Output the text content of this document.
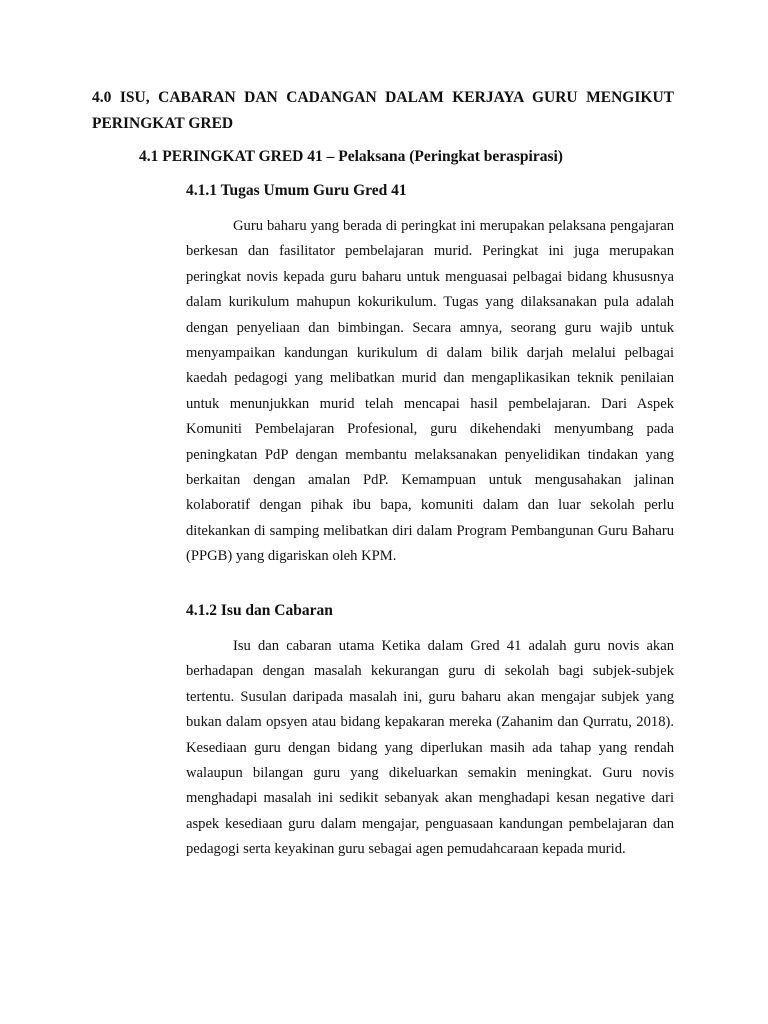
4.0 ISU, CABARAN DAN CADANGAN DALAM KERJAYA GURU MENGIKUT PERINGKAT GRED
4.1 PERINGKAT GRED 41 – Pelaksana (Peringkat beraspirasi)
4.1.1 Tugas Umum Guru Gred 41

Guru baharu yang berada di peringkat ini merupakan pelaksana pengajaran berkesan dan fasilitator pembelajaran murid. Peringkat ini juga merupakan peringkat novis kepada guru baharu untuk menguasai pelbagai bidang khususnya dalam kurikulum mahupun kokurikulum. Tugas yang dilaksanakan pula adalah dengan penyeliaan dan bimbingan. Secara amnya, seorang guru wajib untuk menyampaikan kandungan kurikulum di dalam bilik darjah melalui pelbagai kaedah pedagogi yang melibatkan murid dan mengaplikasikan teknik penilaian untuk menunjukkan murid telah mencapai hasil pembelajaran. Dari Aspek Komuniti Pembelajaran Profesional, guru dikehendaki menyumbang pada peningkatan PdP dengan membantu melaksanakan penyelidikan tindakan yang berkaitan dengan amalan PdP. Kemampuan untuk mengusahakan jalinan kolaboratif dengan pihak ibu bapa, komuniti dalam dan luar sekolah perlu ditekankan di samping melibatkan diri dalam Program Pembangunan Guru Baharu (PPGB) yang digariskan oleh KPM.

4.1.2 Isu dan Cabaran

Isu dan cabaran utama Ketika dalam Gred 41 adalah guru novis akan berhadapan dengan masalah kekurangan guru di sekolah bagi subjek-subjek tertentu. Susulan daripada masalah ini, guru baharu akan mengajar subjek yang bukan dalam opsyen atau bidang kepakaran mereka (Zahanim dan Qurratu, 2018). Kesediaan guru dengan bidang yang diperlukan masih ada tahap yang rendah walaupun bilangan guru yang dikeluarkan semakin meningkat. Guru novis menghadapi masalah ini sedikit sebanyak akan menghadapi kesan negative dari aspek kesediaan guru dalam mengajar, penguasaan kandungan pembelajaran dan pedagogi serta keyakinan guru sebagai agen pemudahcaraan kepada murid.
